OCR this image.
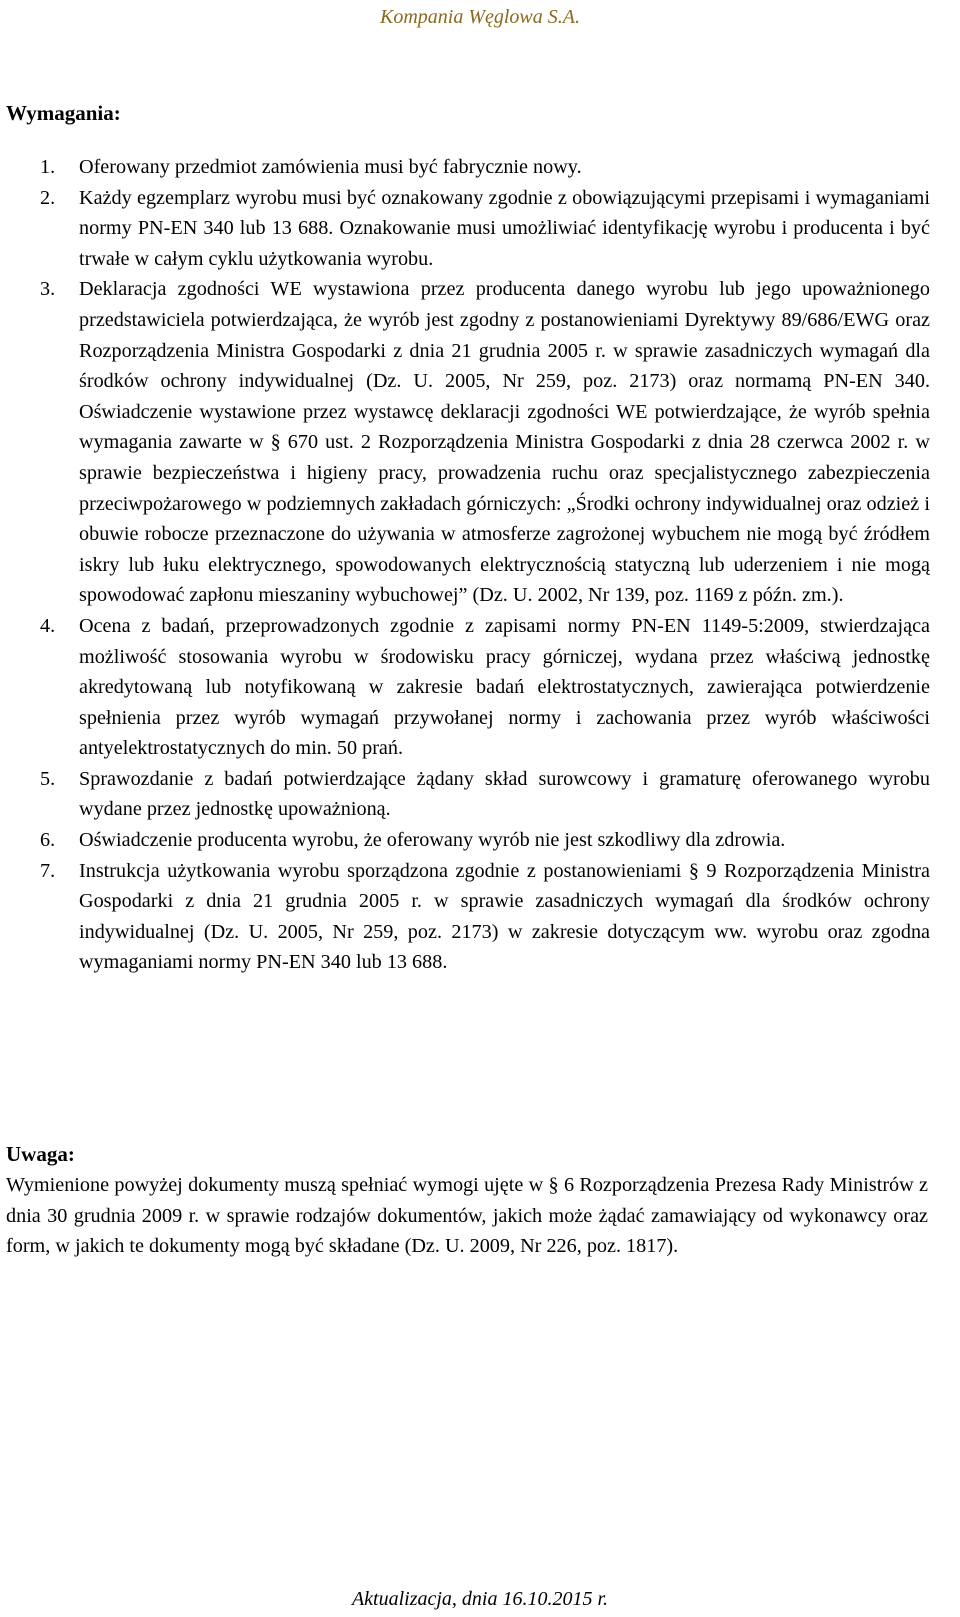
Kompania Węglowa S.A.
Wymagania:
1. Oferowany przedmiot zamówienia musi być fabrycznie nowy.
2. Każdy egzemplarz wyrobu musi być oznakowany zgodnie z obowiązującymi przepisami i wymaganiami normy PN-EN 340 lub 13 688. Oznakowanie musi umożliwiać identyfikację wyrobu i producenta i być trwałe w całym cyklu użytkowania wyrobu.
3. Deklaracja zgodności WE wystawiona przez producenta danego wyrobu lub jego upoważnionego przedstawiciela potwierdzająca, że wyrób jest zgodny z postanowieniami Dyrektywy 89/686/EWG oraz Rozporządzenia Ministra Gospodarki z dnia 21 grudnia 2005 r. w sprawie zasadniczych wymagań dla środków ochrony indywidualnej (Dz. U. 2005, Nr 259, poz. 2173) oraz normamą PN-EN 340. Oświadczenie wystawione przez wystawcę deklaracji zgodności WE potwierdzające, że wyrób spełnia wymagania zawarte w § 670 ust. 2 Rozporządzenia Ministra Gospodarki z dnia 28 czerwca 2002 r. w sprawie bezpieczeństwa i higieny pracy, prowadzenia ruchu oraz specjalistycznego zabezpieczenia przeciwpożarowego w podziemnych zakładach górniczych: „Środki ochrony indywidualnej oraz odzież i obuwie robocze przeznaczone do używania w atmosferze zagrożonej wybuchem nie mogą być źródłem iskry lub łuku elektrycznego, spowodowanych elektrycznością statyczną lub uderzeniem i nie mogą spowodować zapłonu mieszaniny wybuchowej” (Dz. U. 2002, Nr 139, poz. 1169 z późn. zm.).
4. Ocena z badań, przeprowadzonych zgodnie z zapisami normy PN-EN 1149-5:2009, stwierdzająca możliwość stosowania wyrobu w środowisku pracy górniczej, wydana przez właściwą jednostkę akredytowaną lub notyfikowaną w zakresie badań elektrostatycznych, zawierająca potwierdzenie spełnienia przez wyrób wymagań przywołanej normy i zachowania przez wyrób właściwości antyelektrostatycznych do min. 50 prań.
5. Sprawozdanie z badań potwierdzające żądany skład surowcowy i gramaturę oferowanego wyrobu wydane przez jednostkę upoważnioną.
6. Oświadczenie producenta wyrobu, że oferowany wyrób nie jest szkodliwy dla zdrowia.
7. Instrukcja użytkowania wyrobu sporządzona zgodnie z postanowieniami § 9 Rozporządzenia Ministra Gospodarki z dnia 21 grudnia 2005 r. w sprawie zasadniczych wymagań dla środków ochrony indywidualnej (Dz. U. 2005, Nr 259, poz. 2173) w zakresie dotyczącym ww. wyrobu oraz zgodna wymaganiami normy PN-EN 340 lub 13 688.
Uwaga:

Wymienione powyżej dokumenty muszą spełniać wymogi ujęte w § 6 Rozporządzenia Prezesa Rady Ministrów z dnia 30 grudnia 2009 r. w sprawie rodzajów dokumentów, jakich może żądać zamawiający od wykonawcy oraz form, w jakich te dokumenty mogą być składane (Dz. U. 2009, Nr 226, poz. 1817).

Aktualizacja, dnia 16.10.2015 r.
